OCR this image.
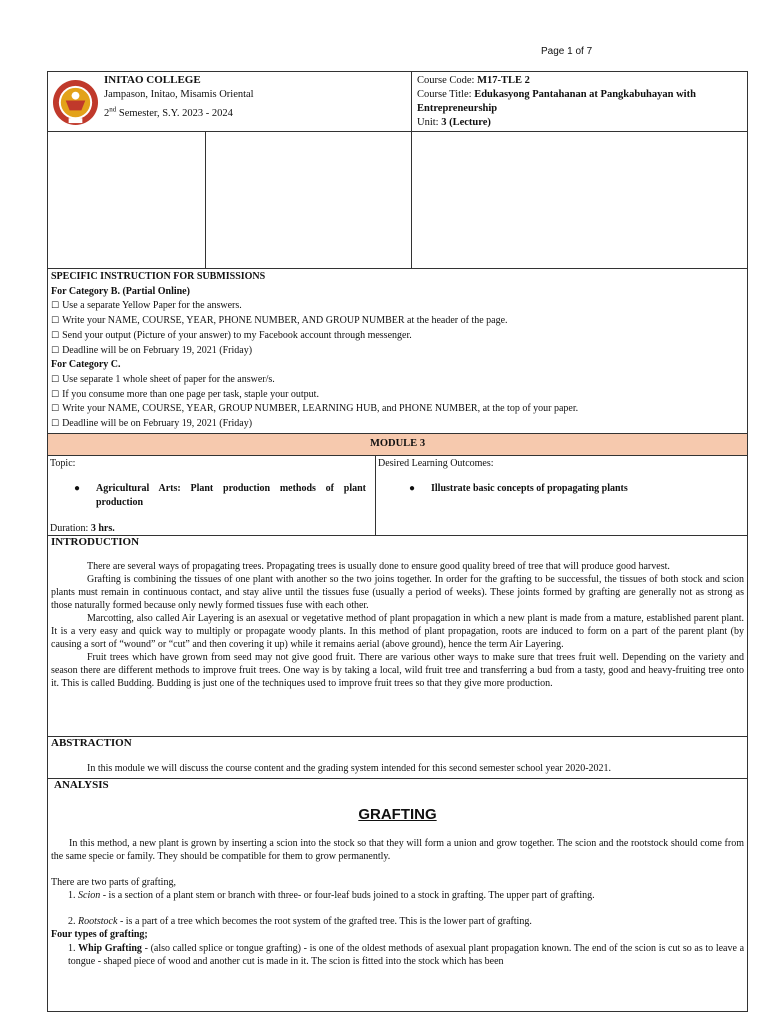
Page 1 of 7
INITAO COLLEGE
Jampason, Initao, Misamis Oriental
2nd Semester, S.Y. 2023 - 2024
Course Code: M17-TLE 2
Course Title: Edukasyong Pantahanan at Pangkabuhayan with Entrepreneurship
Unit: 3 (Lecture)
SPECIFIC INSTRUCTION FOR SUBMISSIONS
For Category B. (Partial Online)
☐ Use a separate Yellow Paper for the answers.
☐ Write your NAME, COURSE, YEAR, PHONE NUMBER, AND GROUP NUMBER at the header of the page.
☐ Send your output (Picture of your answer) to my Facebook account through messenger.
☐ Deadline will be on February 19, 2021 (Friday)
For Category C.
☐ Use separate 1 whole sheet of paper for the answer/s.
☐ If you consume more than one page per task, staple your output.
☐ Write your NAME, COURSE, YEAR, GROUP NUMBER, LEARNING HUB, and PHONE NUMBER, at the top of your paper.
☐ Deadline will be on February 19, 2021 (Friday)
MODULE 3
Topic:
●	Agricultural Arts: Plant production methods of plant production
Duration: 3 hrs.
Desired Learning Outcomes:
●	Illustrate basic concepts of propagating plants
INTRODUCTION
There are several ways of propagating trees. Propagating trees is usually done to ensure good quality breed of tree that will produce good harvest.
Grafting is combining the tissues of one plant with another so the two joins together. In order for the grafting to be successful, the tissues of both stock and scion plants must remain in continuous contact, and stay alive until the tissues fuse (usually a period of weeks). These joints formed by grafting are generally not as strong as those naturally formed because only newly formed tissues fuse with each other.
Marcotting, also called Air Layering is an asexual or vegetative method of plant propagation in which a new plant is made from a mature, established parent plant. It is a very easy and quick way to multiply or propagate woody plants. In this method of plant propagation, roots are induced to form on a part of the parent plant (by causing a sort of “wound” or “cut” and then covering it up) while it remains aerial (above ground), hence the term Air Layering.
Fruit trees which have grown from seed may not give good fruit. There are various other ways to make sure that trees fruit well. Depending on the variety and season there are different methods to improve fruit trees. One way is by taking a local, wild fruit tree and transferring a bud from a tasty, good and heavy-fruiting tree onto it. This is called Budding. Budding is just one of the techniques used to improve fruit trees so that they give more production.
ABSTRACTION
In this module we will discuss the course content and the grading system intended for this second semester school year 2020-2021.
ANALYSIS
GRAFTING
In this method, a new plant is grown by inserting a scion into the stock so that they will form a union and grow together. The scion and the rootstock should come from the same specie or family. They should be compatible for them to grow permanently.
There are two parts of grafting,
1. Scion - is a section of a plant stem or branch with three- or four-leaf buds joined to a stock in grafting. The upper part of grafting.
2. Rootstock - is a part of a tree which becomes the root system of the grafted tree. This is the lower part of grafting.
Four types of grafting;
1. Whip Grafting - (also called splice or tongue grafting) - is one of the oldest methods of asexual plant propagation known. The end of the scion is cut so as to leave a tongue - shaped piece of wood and another cut is made in it. The scion is fitted into the stock which has been
